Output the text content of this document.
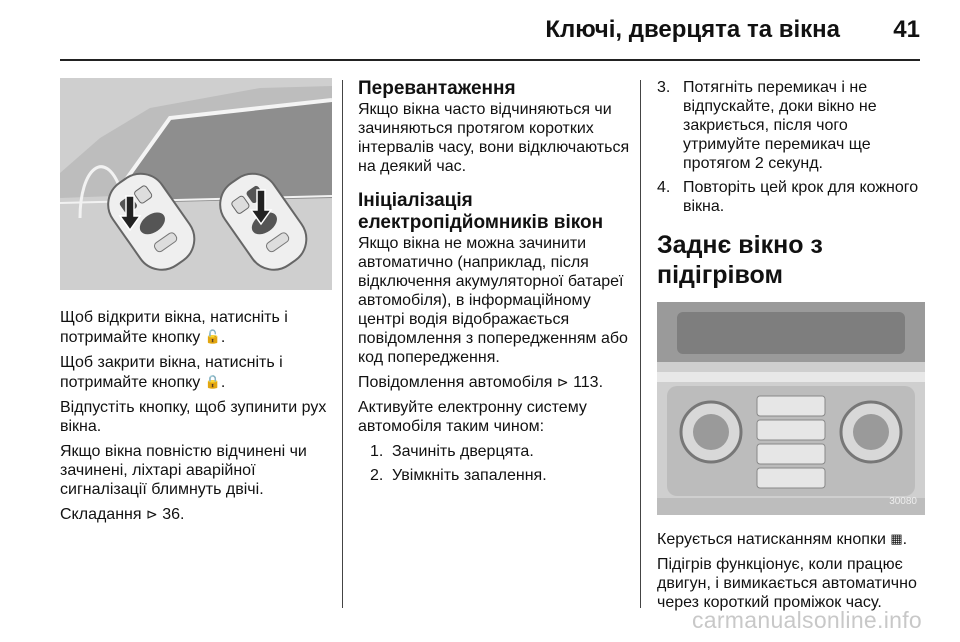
Ключі, дверцята та вікна 41

Щоб відкрити вікна, натисніть і потримайте кнопку 🔓.

Щоб закрити вікна, натисніть і потримайте кнопку 🔒.

Відпустіть кнопку, щоб зупинити рух вікна.

Якщо вікна повністю відчинені чи зачинені, ліхтарі аварійної сигналізації блимнуть двічі.

Складання ⊳ 36.

Перевантаження

Якщо вікна часто відчиняються чи зачиняються протягом коротких інтервалів часу, вони відключаються на деякий час.

Ініціалізація електропідйомників вікон

Якщо вікна не можна зачинити автоматично (наприклад, після відключення акумуляторної батареї автомобіля), в інформаційному центрі водія відображається повідомлення з попередженням або код попередження.

Повідомлення автомобіля ⊳ 113.

Активуйте електронну систему автомобіля таким чином:

1. Зачиніть дверцята.
2. Увімкніть запалення.
3. Потягніть перемикач і не відпускайте, доки вікно не закриється, після чого утримуйте перемикач ще протягом 2 секунд.
4. Повторіть цей крок для кожного вікна.
Заднє вікно з підігрівом
30080

Керується натисканням кнопки ▦.

Підігрів функціонує, коли працює двигун, і вимикається автоматично через короткий проміжок часу.

carmanualsonline.info
